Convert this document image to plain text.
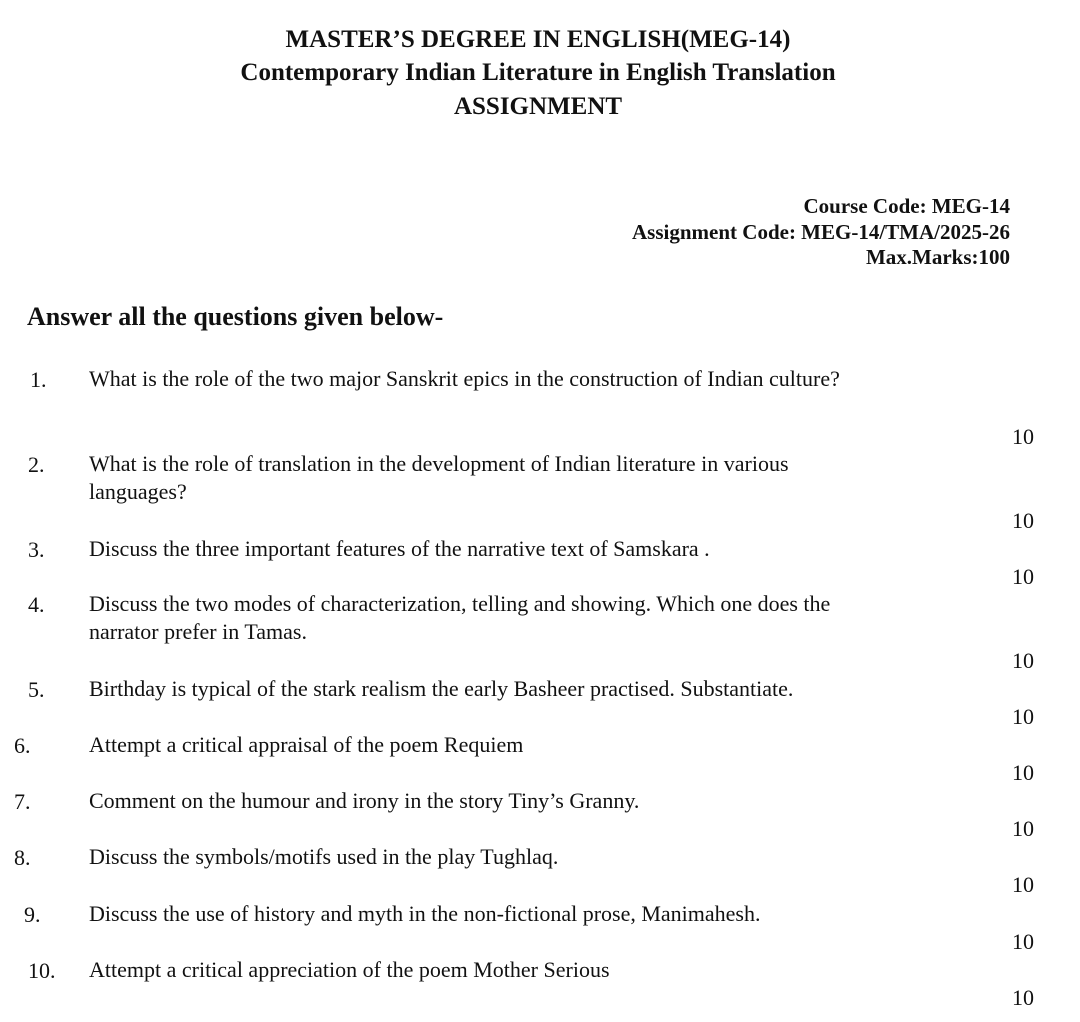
MASTER’S DEGREE IN ENGLISH(MEG-14)
Contemporary Indian Literature in English Translation
ASSIGNMENT
Course Code: MEG-14
Assignment Code: MEG-14/TMA/2025-26
Max.Marks:100
Answer all the questions given below-
1. What is the role of the two major Sanskrit epics in the construction of Indian culture?
10
2. What is the role of translation in the development of Indian literature in various languages?
10
3. Discuss the three important features of the narrative text of Samskara .
10
4. Discuss the two modes of characterization, telling and showing. Which one does the narrator prefer in Tamas.
10
5. Birthday is typical of the stark realism the early Basheer practised. Substantiate.
10
6.	Attempt a critical appraisal of the poem Requiem
10
7.	Comment on the humour and irony in the story Tiny’s Granny.
10
8.	Discuss the symbols/motifs used in the play Tughlaq.
10
9. Discuss the use of history and myth in the non-fictional prose, Manimahesh.
10
10. Attempt a critical appreciation of the poem Mother Serious
10
